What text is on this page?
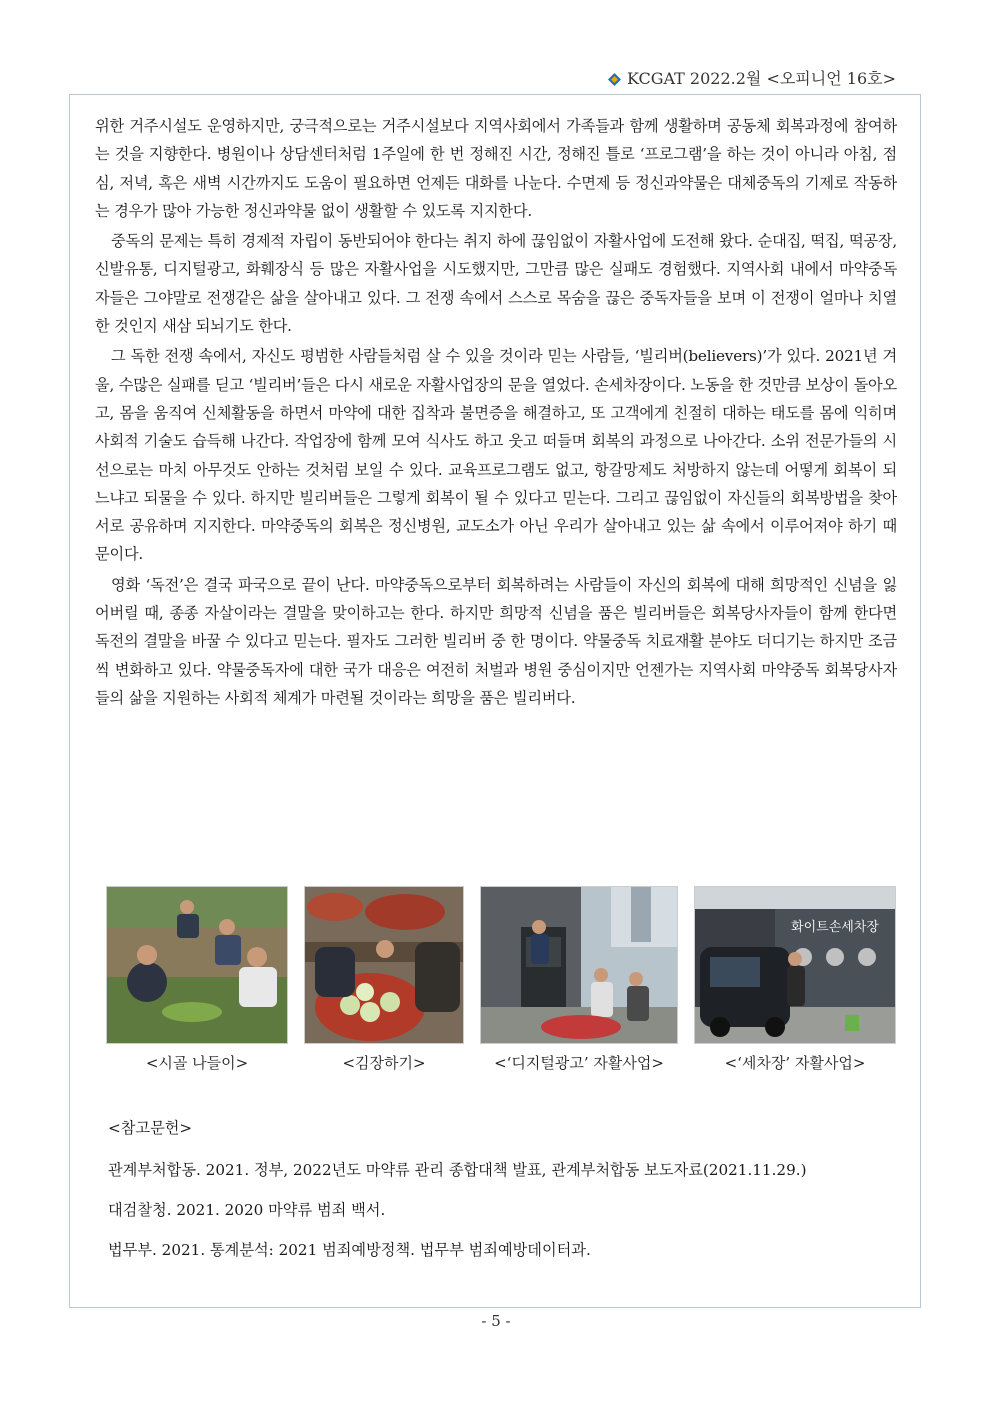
KCGAT 2022.2월 <오피니언 16호>

위한 거주시설도 운영하지만, 궁극적으로는 거주시설보다 지역사회에서 가족들과 함께 생활하며 공동체 회복과정에 참여하는 것을 지향한다. 병원이나 상담센터처럼 1주일에 한 번 정해진 시간, 정해진 틀로 ‘프로그램’을 하는 것이 아니라 아침, 점심, 저녁, 혹은 새벽 시간까지도 도움이 필요하면 언제든 대화를 나눈다. 수면제 등 정신과약물은 대체중독의 기제로 작동하는 경우가 많아 가능한 정신과약물 없이 생활할 수 있도록 지지한다.

중독의 문제는 특히 경제적 자립이 동반되어야 한다는 취지 하에 끊임없이 자활사업에 도전해 왔다. 순대집, 떡집, 떡공장, 신발유통, 디지털광고, 화훼장식 등 많은 자활사업을 시도했지만, 그만큼 많은 실패도 경험했다. 지역사회 내에서 마약중독자들은 그야말로 전쟁같은 삶을 살아내고 있다. 그 전쟁 속에서 스스로 목숨을 끊은 중독자들을 보며 이 전쟁이 얼마나 치열한 것인지 새삼 되뇌기도 한다.

그 독한 전쟁 속에서, 자신도 평범한 사람들처럼 살 수 있을 것이라 믿는 사람들, ‘빌리버(believers)’가 있다. 2021년 겨울, 수많은 실패를 딛고 ‘빌리버’들은 다시 새로운 자활사업장의 문을 열었다. 손세차장이다. 노동을 한 것만큼 보상이 돌아오고, 몸을 움직여 신체활동을 하면서 마약에 대한 집착과 불면증을 해결하고, 또 고객에게 친절히 대하는 태도를 몸에 익히며 사회적 기술도 습득해 나간다. 작업장에 함께 모여 식사도 하고 웃고 떠들며 회복의 과정으로 나아간다. 소위 전문가들의 시선으로는 마치 아무것도 안하는 것처럼 보일 수 있다. 교육프로그램도 없고, 항갈망제도 처방하지 않는데 어떻게 회복이 되느냐고 되물을 수 있다. 하지만 빌리버들은 그렇게 회복이 될 수 있다고 믿는다. 그리고 끊임없이 자신들의 회복방법을 찾아 서로 공유하며 지지한다. 마약중독의 회복은 정신병원, 교도소가 아닌 우리가 살아내고 있는 삶 속에서 이루어져야 하기 때문이다.

영화 ‘독전’은 결국 파국으로 끝이 난다. 마약중독으로부터 회복하려는 사람들이 자신의 회복에 대해 희망적인 신념을 잃어버릴 때, 종종 자살이라는 결말을 맞이하고는 한다. 하지만 희망적 신념을 품은 빌리버들은 회복당사자들이 함께 한다면 독전의 결말을 바꿀 수 있다고 믿는다. 필자도 그러한 빌리버 중 한 명이다. 약물중독 치료재활 분야도 더디기는 하지만 조금씩 변화하고 있다. 약물중독자에 대한 국가 대응은 여전히 처벌과 병원 중심이지만 언젠가는 지역사회 마약중독 회복당사자들의 삶을 지원하는 사회적 체계가 마련될 것이라는 희망을 품은 빌리버다.

<시골 나들이>	<김장하기>	<‘디지털광고’ 자활사업>
화이트손세차장
<‘세차장’ 자활사업>
<참고문헌>
관계부처합동. 2021. 정부, 2022년도 마약류 관리 종합대책 발표, 관계부처합동 보도자료(2021.11.29.)
대검찰청. 2021. 2020 마약류 범죄 백서.
법무부. 2021. 통계분석: 2021 범죄예방정책. 법무부 범죄예방데이터과.
- 5 -
